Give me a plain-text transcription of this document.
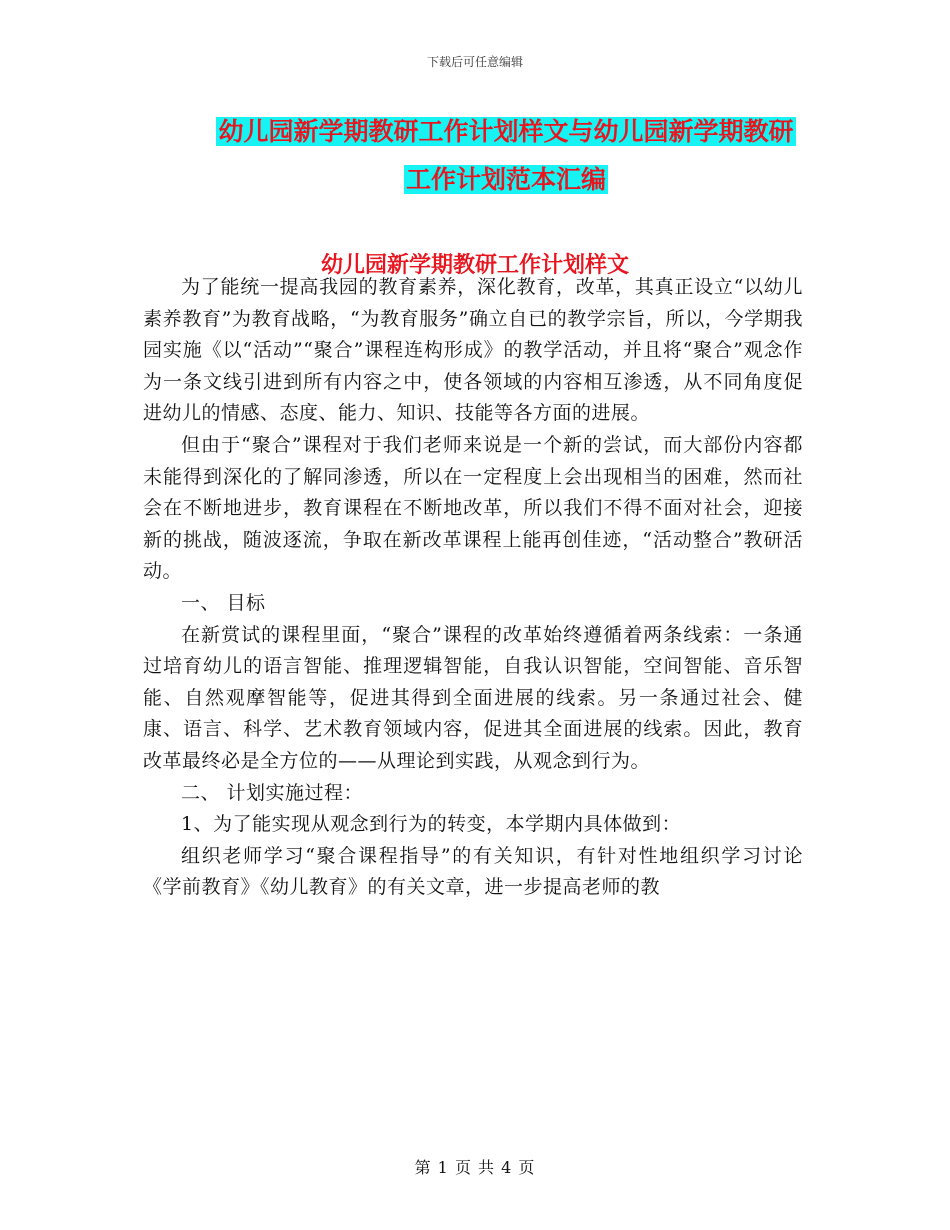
下载后可任意编辑
幼儿园新学期教研工作计划样文与幼儿园新学期教研
工作计划范本汇编
幼儿园新学期教研工作计划样文

为了能统一提高我园的教育素养，深化教育，改革，其真正设立“以幼儿素养教育”为教育战略，“为教育服务”确立自已的教学宗旨，所以，今学期我园实施《以“活动”“聚合”课程连构形成》的教学活动，并且将“聚合”观念作为一条文线引进到所有内容之中，使各领域的内容相互渗透，从不同角度促进幼儿的情感、态度、能力、知识、技能等各方面的进展。

但由于“聚合”课程对于我们老师来说是一个新的尝试，而大部份内容都未能得到深化的了解同渗透，所以在一定程度上会出现相当的困难，然而社会在不断地进步，教育课程在不断地改革，所以我们不得不面对社会，迎接新的挑战，随波逐流，争取在新改革课程上能再创佳迹，“活动整合”教研活动。

一、 目标

在新赏试的课程里面，“聚合”课程的改革始终遵循着两条线索：一条通过培育幼儿的语言智能、推理逻辑智能，自我认识智能，空间智能、音乐智能、自然观摩智能等，促进其得到全面进展的线索。另一条通过社会、健康、语言、科学、艺术教育领域内容，促进其全面进展的线索。因此，教育改革最终必是全方位的——从理论到实践，从观念到行为。

二、 计划实施过程：

1、为了能实现从观念到行为的转变，本学期内具体做到：

组织老师学习“聚合课程指导”的有关知识，有针对性地组织学习讨论《学前教育》《幼儿教育》的有关文章，进一步提高老师的教

第 1 页 共 4 页
